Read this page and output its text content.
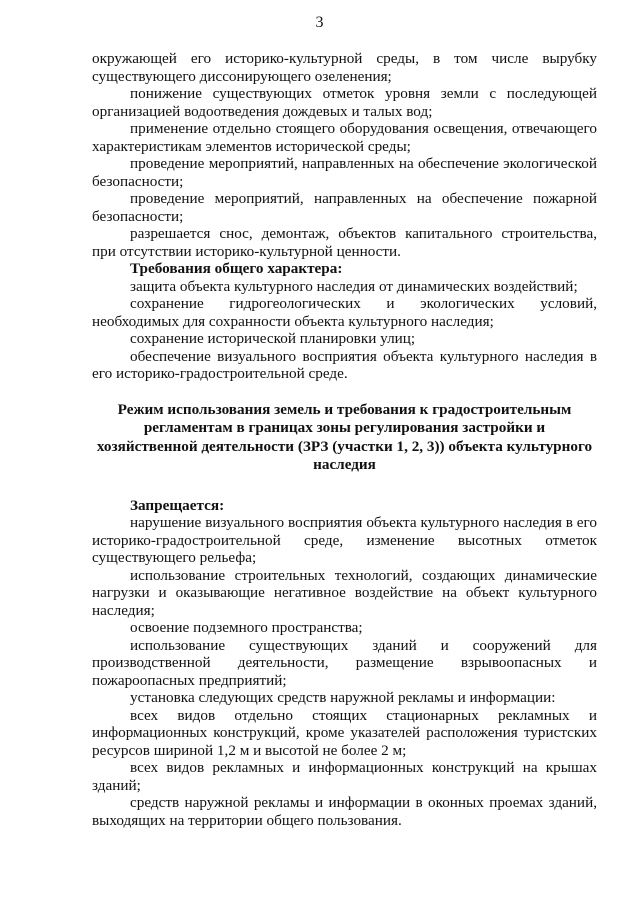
3

окружающей его историко-культурной среды, в том числе вырубку существующего диссонирующего озеленения;

понижение существующих отметок уровня земли с последующей организацией водоотведения дождевых и талых вод;

применение отдельно стоящего оборудования освещения, отвечающего характеристикам элементов исторической среды;

проведение мероприятий, направленных на обеспечение экологической безопасности;

проведение мероприятий, направленных на обеспечение пожарной безопасности;

разрешается снос, демонтаж, объектов капитального строительства, при отсутствии историко-культурной ценности.

Требования общего характера:

защита объекта культурного наследия от динамических воздействий;

сохранение гидрогеологических и экологических условий, необходимых для сохранности объекта культурного наследия;

сохранение исторической планировки улиц;

обеспечение визуального восприятия объекта культурного наследия в его историко-градостроительной среде.

Режим использования земель и требования к градостроительным регламентам в границах зоны регулирования застройки и хозяйственной деятельности (ЗРЗ (участки 1, 2, 3)) объекта культурного наследия

Запрещается:

нарушение визуального восприятия объекта культурного наследия в его историко-градостроительной среде, изменение высотных отметок существующего рельефа;

использование строительных технологий, создающих динамические нагрузки и оказывающие негативное воздействие на объект культурного наследия;

освоение подземного пространства;

использование существующих зданий и сооружений для производственной деятельности, размещение взрывоопасных и пожароопасных предприятий;

установка следующих средств наружной рекламы и информации:

всех видов отдельно стоящих стационарных рекламных и информационных конструкций, кроме указателей расположения туристских ресурсов шириной 1,2 м и высотой не более 2 м;

всех видов рекламных и информационных конструкций на крышах зданий;

средств наружной рекламы и информации в оконных проемах зданий, выходящих на территории общего пользования.
